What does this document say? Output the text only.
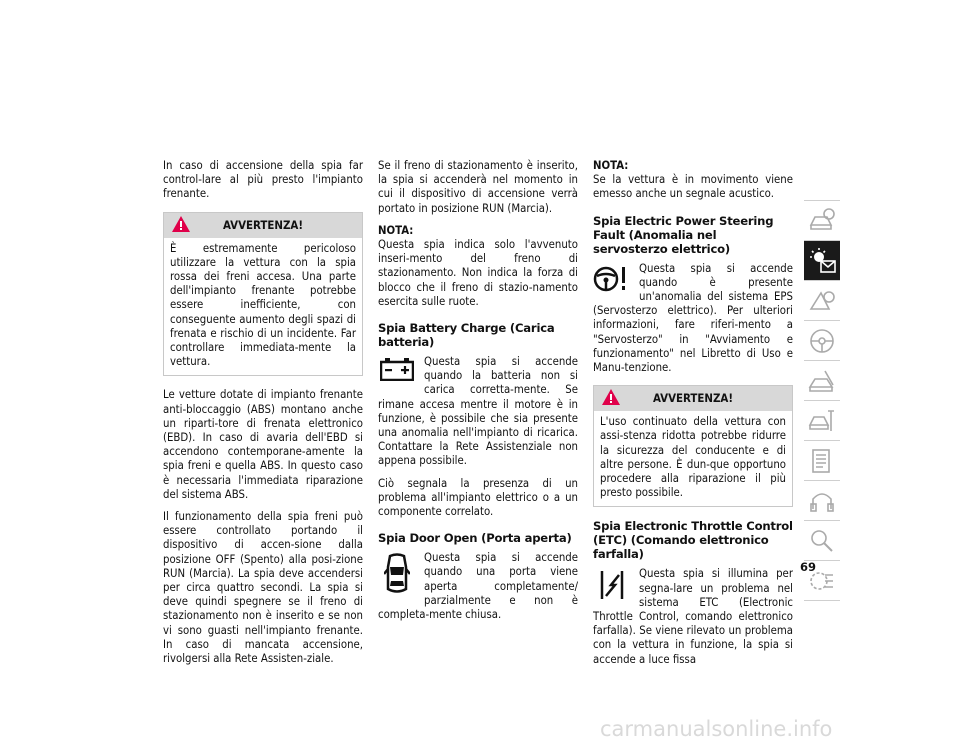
In caso di accensione della spia far control-lare al più presto l'impianto frenante.

AVVERTENZA!
È estremamente pericoloso utilizzare la vettura con la spia rossa dei freni accesa. Una parte dell'impianto frenante potrebbe essere inefficiente, con conseguente aumento degli spazi di frenata e rischio di un incidente. Far controllare immediata-mente la vettura.

Le vetture dotate di impianto frenante anti-bloccaggio (ABS) montano anche un riparti-tore di frenata elettronico (EBD). In caso di avaria dell'EBD si accendono contemporane-amente la spia freni e quella ABS. In questo caso è necessaria l'immediata riparazione del sistema ABS.

Il funzionamento della spia freni può essere controllato portando il dispositivo di accen-sione dalla posizione OFF (Spento) alla posi-zione RUN (Marcia). La spia deve accendersi per circa quattro secondi. La spia si deve quindi spegnere se il freno di stazionamento non è inserito e se non vi sono guasti nell'impianto frenante. In caso di mancata accensione, rivolgersi alla Rete Assisten-ziale.

Se il freno di stazionamento è inserito, la spia si accenderà nel momento in cui il dispositivo di accensione verrà portato in posizione RUN (Marcia).

NOTA:

Questa spia indica solo l'avvenuto inseri-mento del freno di stazionamento. Non indica la forza di blocco che il freno di stazio-namento esercita sulle ruote.

Spia Battery Charge (Carica batteria)
Questa spia si accende quando la batteria non si carica corretta-mente. Se rimane accesa mentre il motore è in funzione, è possibile che sia presente una anomalia nell'impianto di ricarica. Contattare la Rete Assistenziale non appena possibile.

Ciò segnala la presenza di un problema all'impianto elettrico o a un componente correlato.

Spia Door Open (Porta aperta)
Questa spia si accende quando una porta viene aperta completamente/ parzialmente e non è completa-mente chiusa.
NOTA:

Se la vettura è in movimento viene emesso anche un segnale acustico.

Spia Electric Power Steering Fault (Anomalia nel servosterzo elettrico)
Questa spia si accende quando è presente un'anomalia del sistema EPS (Servosterzo elettrico). Per ulteriori informazioni, fare riferi-mento a "Servosterzo" in "Avviamento e funzionamento" nel Libretto di Uso e Manu-tenzione.
AVVERTENZA!
L'uso continuato della vettura con assi-stenza ridotta potrebbe ridurre la sicurezza del conducente e di altre persone. È dun-que opportuno procedere alla riparazione il più presto possibile.
Spia Electronic Throttle Control (ETC) (Comando elettronico farfalla)
Questa spia si illumina per segna-lare un problema nel sistema ETC (Electronic Throttle Control, comando elettronico farfalla). Se viene rilevato un problema con la vettura in funzione, la spia si accende a luce fissa
69
carmanualsonline.info
